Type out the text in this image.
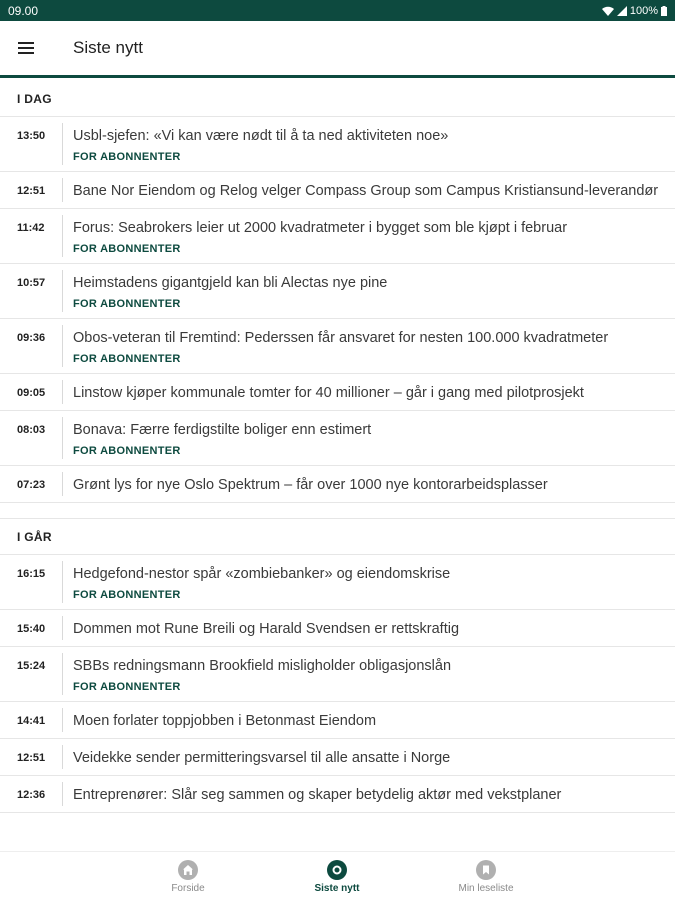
09.00	100%
Siste nytt
I DAG
13:50	Usbl-sjefen: «Vi kan være nødt til å ta ned aktiviteten noe»
FOR ABONNENTER
12:51	Bane Nor Eiendom og Relog velger Compass Group som Campus Kristiansund-leverandør
11:42	Forus: Seabrokers leier ut 2000 kvadratmeter i bygget som ble kjøpt i februar
FOR ABONNENTER
10:57	Heimstadens gigantgjeld kan bli Alectas nye pine
FOR ABONNENTER
09:36	Obos-veteran til Fremtind: Pederssen får ansvaret for nesten 100.000 kvadratmeter
FOR ABONNENTER
09:05	Linstow kjøper kommunale tomter for 40 millioner – går i gang med pilotprosjekt
08:03	Bonava: Færre ferdigstilte boliger enn estimert
FOR ABONNENTER
07:23	Grønt lys for nye Oslo Spektrum – får over 1000 nye kontorarbeidsplasser
I GÅR
16:15	Hedgefond-nestor spår «zombiebanker» og eiendomskrise
FOR ABONNENTER
15:40	Dommen mot Rune Breili og Harald Svendsen er rettskraftig
15:24	SBBs redningsmann Brookfield misligholder obligasjonslån
FOR ABONNENTER
14:41	Moen forlater toppjobben i Betonmast Eiendom
12:51	Veidekke sender permitteringsvarsel til alle ansatte i Norge
12:36	Entreprenører: Slår seg sammen og skaper betydelig aktør med vekstplaner
Forside	Siste nytt	Min leseliste
